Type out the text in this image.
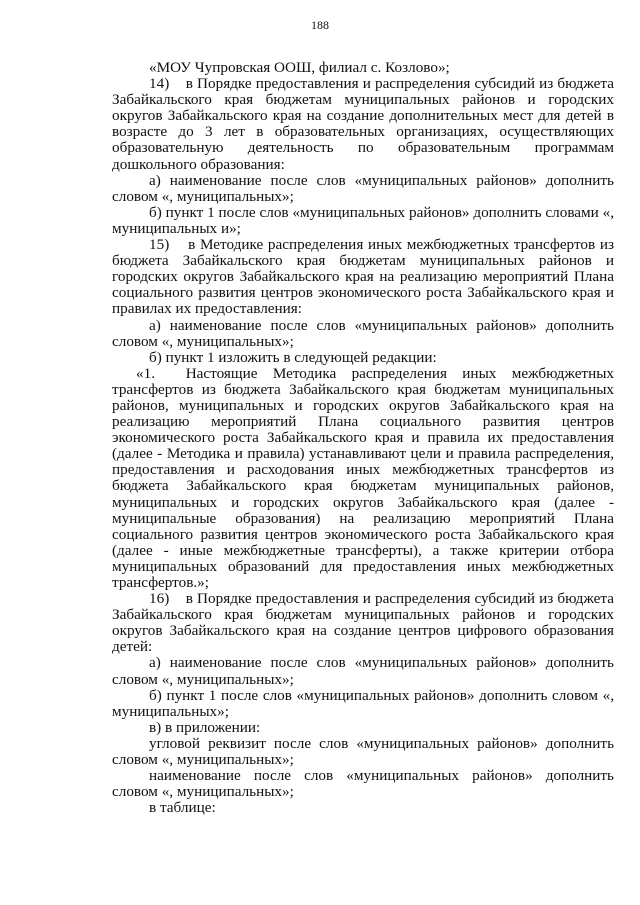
188

«МОУ Чупровская ООШ, филиал с. Козлово»;

14)    в Порядке предоставления и распределения субсидий из бюджета Забайкальского края бюджетам муниципальных районов и городских округов Забайкальского края на создание дополнительных мест для детей в возрасте до 3 лет в образовательных организациях, осуществляющих образовательную деятельность по образовательным программам дошкольного образования:

а) наименование после слов «муниципальных районов» дополнить словом «, муниципальных»;

б) пункт 1 после слов «муниципальных районов» дополнить словами «, муниципальных и»;

15)    в Методике распределения иных межбюджетных трансфертов из бюджета Забайкальского края бюджетам муниципальных районов и городских округов Забайкальского края на реализацию мероприятий Плана социального развития центров экономического роста Забайкальского края и правилах их предоставления:

а) наименование после слов «муниципальных районов» дополнить словом «, муниципальных»;

б) пункт 1 изложить в следующей редакции:

«1.  Настоящие Методика распределения иных межбюджетных трансфертов из бюджета Забайкальского края бюджетам муниципальных районов, муниципальных и городских округов Забайкальского края на реализацию мероприятий Плана социального развития центров экономического роста Забайкальского края и правила их предоставления (далее - Методика и правила) устанавливают цели и правила распределения, предоставления и расходования иных межбюджетных трансфертов из бюджета Забайкальского края бюджетам муниципальных районов, муниципальных и городских округов Забайкальского края (далее - муниципальные образования) на реализацию мероприятий Плана социального развития центров экономического роста Забайкальского края (далее - иные межбюджетные трансферты), а также критерии отбора муниципальных образований для предоставления иных межбюджетных трансфертов.»;

16)    в Порядке предоставления и распределения субсидий из бюджета Забайкальского края бюджетам муниципальных районов и городских округов Забайкальского края на создание центров цифрового образования детей:

а) наименование после слов «муниципальных районов» дополнить словом «, муниципальных»;

б) пункт 1 после слов «муниципальных районов» дополнить словом «, муниципальных»;

в) в приложении:

угловой реквизит после слов «муниципальных районов» дополнить словом «, муниципальных»;

наименование после слов «муниципальных районов» дополнить словом «, муниципальных»;

в таблице:
